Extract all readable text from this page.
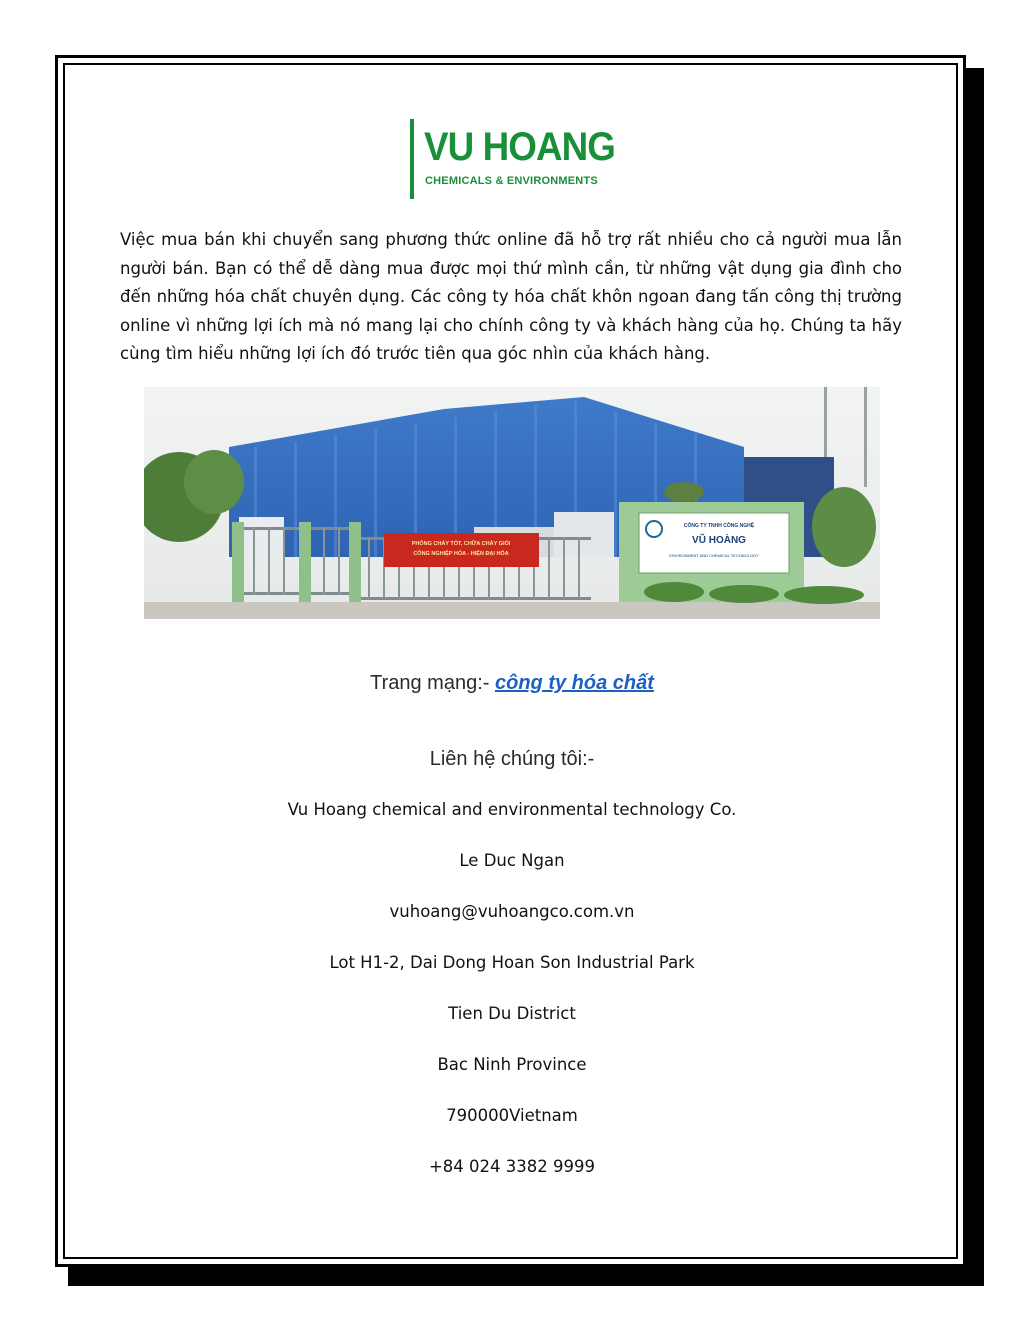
VU HOANG
CHEMICALS & ENVIRONMENTS

Việc mua bán khi chuyển sang phương thức online đã hỗ trợ rất nhiều cho cả người mua lẫn người bán. Bạn có thể dễ dàng mua được mọi thứ mình cần, từ những vật dụng gia đình cho đến những hóa chất chuyên dụng. Các công ty hóa chất khôn ngoan đang tấn công thị trường online vì những lợi ích mà nó mang lại cho chính công ty và khách hàng của họ. Chúng ta hãy cùng tìm hiểu những lợi ích đó trước tiên qua góc nhìn của khách hàng.

PHÒNG CHÁY TỐT, CHỮA CHÁY GIỎI
CÔNG NGHIỆP HÓA - HIỆN ĐẠI HÓA
CÔNG TY TNHH CÔNG NGHỆ
VŨ HOÀNG
ENVIRONMENT AND CHEMICAL TECHNOLOGY
Trang mạng:- công ty hóa chất
Liên hệ chúng tôi:-
Vu Hoang chemical and environmental technology Co.
Le Duc Ngan
vuhoang@vuhoangco.com.vn
Lot H1-2, Dai Dong Hoan Son Industrial Park
Tien Du District
Bac Ninh Province
790000Vietnam
+84 024 3382 9999
